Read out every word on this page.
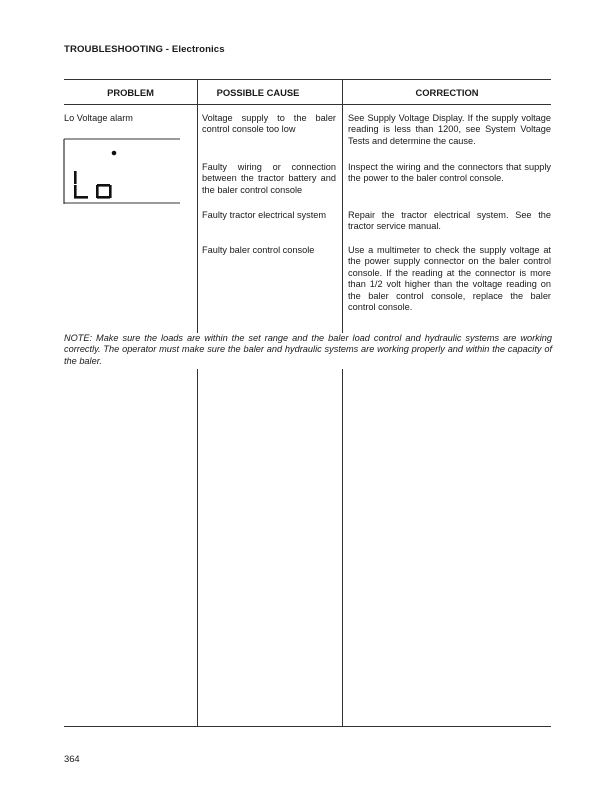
TROUBLESHOOTING - Electronics
PROBLEM	POSSIBLE CAUSE	CORRECTION
Lo Voltage alarm
Lo
Voltage supply to the baler control console too low
Faulty wiring or connection between the tractor battery and the baler control console
Faulty tractor electrical system
Faulty baler control console
See Supply Voltage Display. If the supply voltage reading is less than 1200, see System Voltage Tests and determine the cause.
Inspect the wiring and the connectors that supply the power to the baler control console.
Repair the tractor electrical system. See the tractor service manual.
Use a multimeter to check the supply voltage at the power supply connector on the baler control console. If the reading at the connector is more than 1/2 volt higher than the voltage reading on the baler control console, replace the baler control console.
NOTE: Make sure the loads are within the set range and the baler load control and hydraulic systems are working correctly. The operator must make sure the baler and hydraulic systems are working properly and within the capacity of the baler.
364
